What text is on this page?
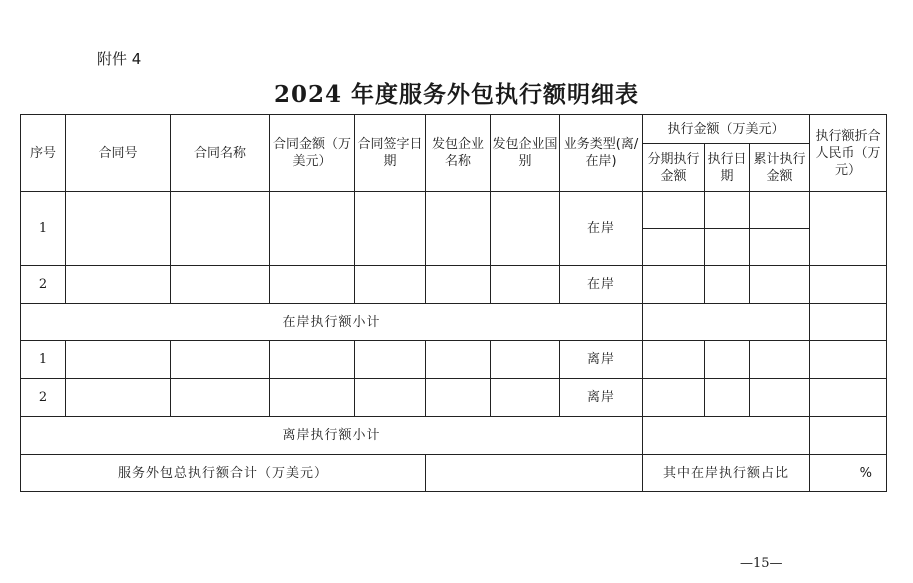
附件 4
2024 年度服务外包执行额明细表
序号	合同号	合同名称	合同金额（万美元）	合同签字日期	发包企业名称	发包企业国别	业务类型(离/在岸)	执行金额（万美元）			执行额折合人民币（万元）
								分期执行金额	执行日期	累计执行金额	
1							在岸				

2							在岸				
在岸执行额小计											
1							离岸				
2							离岸				
离岸执行额小计											
服务外包总执行额合计（万美元）								其中在岸执行额占比			%
—15—
